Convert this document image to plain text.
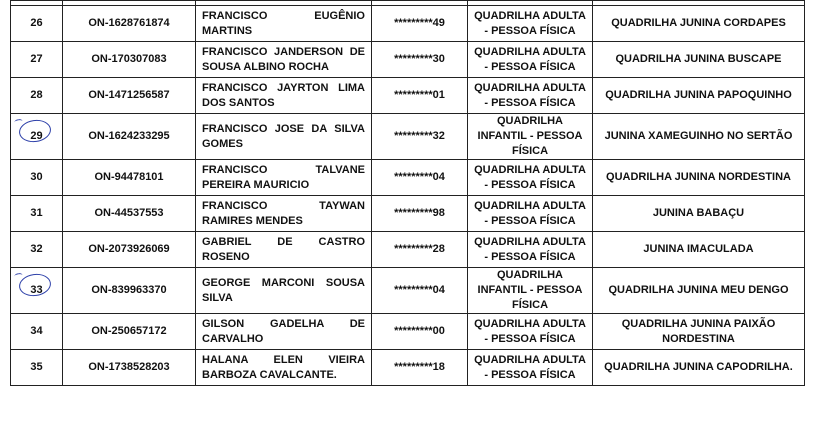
26	ON-1628761874	FRANCISCO EUGÊNIO MARTINS	*********49	QUADRILHA ADULTA - PESSOA FÍSICA	QUADRILHA JUNINA CORDAPES
27	ON-170307083	FRANCISCO JANDERSON DE SOUSA ALBINO ROCHA	*********30	QUADRILHA ADULTA - PESSOA FÍSICA	QUADRILHA JUNINA BUSCAPE
28	ON-1471256587	FRANCISCO JAYRTON LIMA DOS SANTOS	*********01	QUADRILHA ADULTA - PESSOA FÍSICA	QUADRILHA JUNINA PAPOQUINHO
29	ON-1624233295	FRANCISCO JOSE DA SILVA GOMES	*********32	QUADRILHA INFANTIL - PESSOA FÍSICA	JUNINA XAMEGUINHO NO SERTÃO
30	ON-94478101	FRANCISCO TALVANE PEREIRA MAURICIO	*********04	QUADRILHA ADULTA - PESSOA FÍSICA	QUADRILHA JUNINA NORDESTINA
31	ON-44537553	FRANCISCO TAYWAN RAMIRES MENDES	*********98	QUADRILHA ADULTA - PESSOA FÍSICA	JUNINA BABAÇU
32	ON-2073926069	GABRIEL DE CASTRO ROSENO	*********28	QUADRILHA ADULTA - PESSOA FÍSICA	JUNINA IMACULADA
33	ON-839963370	GEORGE MARCONI SOUSA SILVA	*********04	QUADRILHA INFANTIL - PESSOA FÍSICA	QUADRILHA JUNINA MEU DENGO
34	ON-250657172	GILSON GADELHA DE CARVALHO	*********00	QUADRILHA ADULTA - PESSOA FÍSICA	QUADRILHA JUNINA PAIXÃO NORDESTINA
35	ON-1738528203	HALANA ELEN VIEIRA BARBOZA CAVALCANTE.	*********18	QUADRILHA ADULTA - PESSOA FÍSICA	QUADRILHA JUNINA CAPODRILHA.
